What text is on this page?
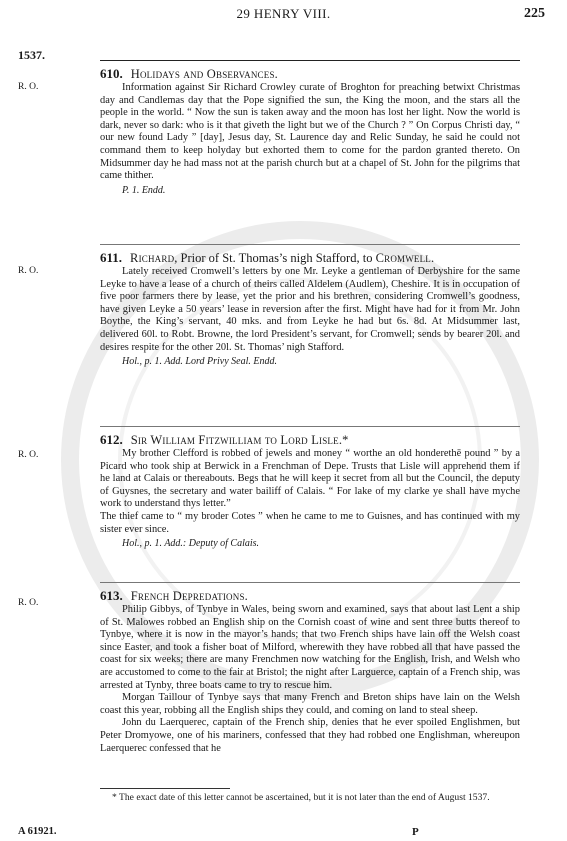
29 HENRY VIII.	225
1537.
R. O.
610. Holidays and Observances.

Information against Sir Richard Crowley curate of Broghton for preaching betwixt Christmas day and Candlemas day that the Pope signified the sun, the King the moon, and the stars all the people in the world. “ Now the sun is taken away and the moon has lost her light. Now the world is dark, never so dark: who is it that giveth the light but we of the Church ? ” On Corpus Christi day, “ our new found Lady ” [day], Jesus day, St. Laurence day and Relic Sunday, he said he could not command them to keep holyday but exhorted them to come for the pardon granted thereto. On Midsummer day he had mass not at the parish church but at a chapel of St. John for the pilgrims that came thither.

P. 1. Endd.

R. O.
611. Richard, Prior of St. Thomas’s nigh Stafford, to Cromwell.

Lately received Cromwell’s letters by one Mr. Leyke a gentleman of Derbyshire for the same Leyke to have a lease of a church of theirs called Aldelem (Audlem), Cheshire. It is in occupation of five poor farmers there by lease, yet the prior and his brethren, considering Cromwell’s goodness, have given Leyke a 50 years’ lease in reversion after the first. Might have had for it from Mr. John Boythe, the King’s servant, 40 mks. and from Leyke he had but 6s. 8d. At Midsummer last, delivered 60l. to Robt. Browne, the lord President’s servant, for Cromwell; sends by bearer 20l. and desires respite for the other 20l. St. Thomas’ nigh Stafford.

Hol., p. 1. Add. Lord Privy Seal. Endd.

R. O.
612. Sir William Fitzwilliam to Lord Lisle.*

My brother Clefford is robbed of jewels and money “ worthe an old honderethē pound ” by a Picard who took ship at Berwick in a Frenchman of Depe. Trusts that Lisle will apprehend them if he land at Calais or thereabouts. Begs that he will keep it secret from all but the Council, the deputy of Guysnes, the secretary and water bailiff of Calais. “ For lake of my clarke ye shall have myche work to understand thys letter.”

The thief came to “ my broder Cotes ” when he came to me to Guisnes, and has continued with my sister ever since.

Hol., p. 1. Add.: Deputy of Calais.

R. O.	613. French Depredations.

Philip Gibbys, of Tynbye in Wales, being sworn and examined, says that about last Lent a ship of St. Malowes robbed an English ship on the Cornish coast of wine and sent three butts thereof to Tynbye, where it is now in the mayor’s hands; that two French ships have lain off the Welsh coast since Easter, and took a fisher boat of Milford, wherewith they have robbed all that have passed the coast for six weeks; there are many Frenchmen now watching for the English, Irish, and Welsh who are accustomed to come to the fair at Bristol; the night after Larguerce, captain of a French ship, was arrested at Tynby, three boats came to try to rescue him.

Morgan Taillour of Tynbye says that many French and Breton ships have lain on the Welsh coast this year, robbing all the English ships they could, and coming on land to steal sheep.

John du Laerquerec, captain of the French ship, denies that he ever spoiled Englishmen, but Peter Dromyowe, one of his mariners, confessed that they had robbed one Englishman, whereupon Laerquerec confessed that he

* The exact date of this letter cannot be ascertained, but it is not later than the end of August 1537.
A 61921.	P
